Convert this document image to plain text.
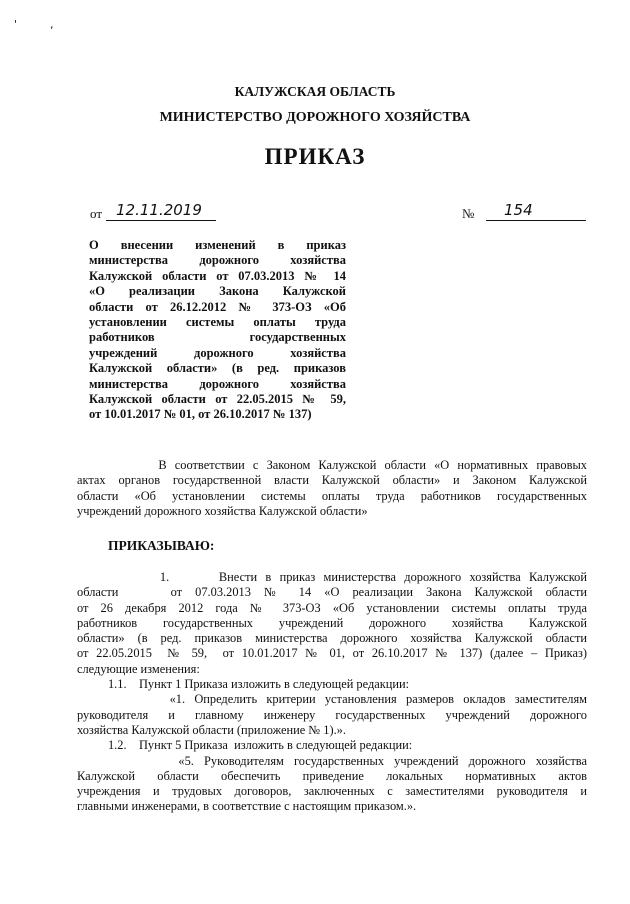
'	,
КАЛУЖСКАЯ ОБЛАСТЬ
МИНИСТЕРСТВО ДОРОЖНОГО ХОЗЯЙСТВА
ПРИКАЗ
от 12.11.2019	№	154
О внесении изменений в приказ
министерства дорожного хозяйства
Калужской области от 07.03.2013 № 14
«О реализации Закона Калужской
области от 26.12.2012 № 373-ОЗ «Об
установлении системы оплаты труда
работников государственных
учреждений дорожного хозяйства
Калужской области» (в ред. приказов
министерства дорожного хозяйства
Калужской области от 22.05.2015 № 59,
от 10.01.2017 № 01, от 26.10.2017 № 137)
В соответствии с Законом Калужской области «О нормативных правовых
актах органов государственной власти Калужской области» и Законом Калужской
области «Об установлении системы оплаты труда работников государственных
учреждений дорожного хозяйства Калужской области»
ПРИКАЗЫВАЮ:
1.      Внести в приказ министерства дорожного хозяйства Калужской
области    от 07.03.2013 № 14 «О реализации Закона Калужской области
от 26 декабря 2012 года № 373-ОЗ «Об установлении системы оплаты труда
работников государственных учреждений дорожного хозяйства Калужской
области» (в ред. приказов министерства дорожного хозяйства Калужской области
от 22.05.2015  № 59,  от 10.01.2017 № 01, от 26.10.2017 № 137) (далее – Приказ)
следующие изменения:
1.1.    Пункт 1 Приказа изложить в следующей редакции:
«1. Определить критерии установления размеров окладов заместителям
руководителя и главному инженеру государственных учреждений дорожного
хозяйства Калужской области (приложение № 1).».
1.2.    Пункт 5 Приказа  изложить в следующей редакции:
«5. Руководителям государственных учреждений дорожного хозяйства
Калужской области обеспечить приведение локальных нормативных актов
учреждения и трудовых договоров, заключенных с заместителями руководителя и
главными инженерами, в соответствие с настоящим приказом.».
